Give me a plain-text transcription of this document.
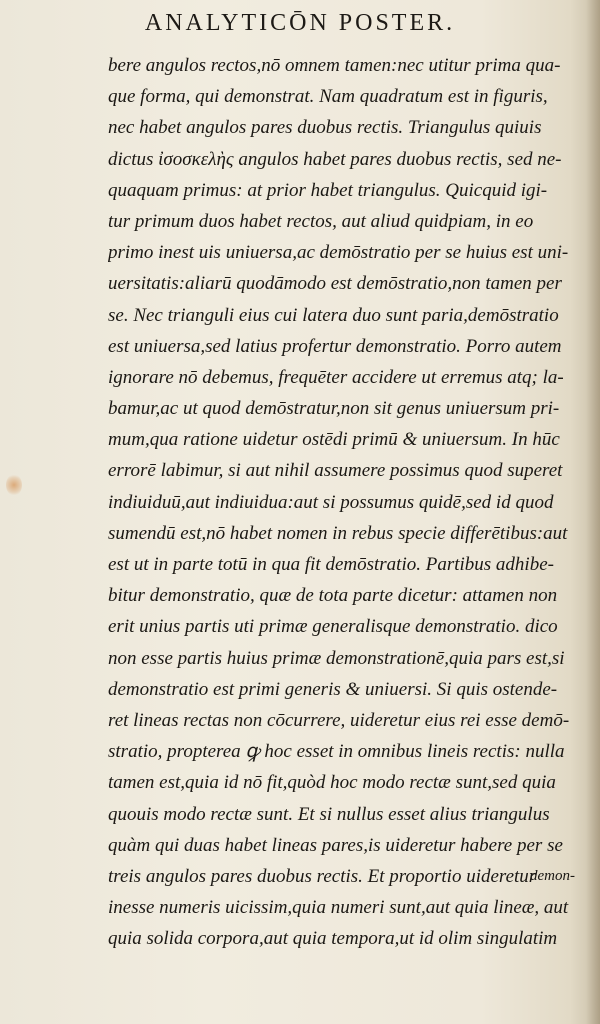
ANALYTICŌN POSTER.
bere angulos rectos,nō omnem tamen:nec utitur prima qua-
que forma, qui demonstrat. Nam quadratum est in figuris,
nec habet angulos pares duobus rectis. Triangulus quiuis
dictus ἰσοσκελὴς angulos habet pares duobus rectis, sed ne-
quaquam primus: at prior habet triangulus. Quicquid igi-
tur primum duos habet rectos, aut aliud quidpiam, in eo
primo inest uis uniuersa,ac demōstratio per se huius est uni-
uersitatis:aliarū quodāmodo est demōstratio,non tamen per
se. Nec trianguli eius cui latera duo sunt paria,demōstratio
est uniuersa,sed latius profertur demonstratio. Porro autem
ignorare nō debemus, frequēter accidere ut erremus atq; la-
bamur,ac ut quod demōstratur,non sit genus uniuersum pri-
mum,qua ratione uidetur ostēdi primū & uniuersum. In hūc
errorē labimur, si aut nihil assumere possimus quod superet
indiuiduū,aut indiuidua:aut si possumus quidē,sed id quod
sumendū est,nō habet nomen in rebus specie differētibus:aut
est ut in parte totū in qua fit demōstratio. Partibus adhibe-
bitur demonstratio, quæ de tota parte dicetur: attamen non
erit unius partis uti primæ generalisque demonstratio. dico
non esse partis huius primæ demonstrationē,quia pars est,si
demonstratio est primi generis & uniuersi. Si quis ostende-
ret lineas rectas non cōcurrere, uideretur eius rei esse demō-
stratio, propterea ꝙ hoc esset in omnibus lineis rectis: nulla
tamen est,quia id nō fit,quòd hoc modo rectæ sunt,sed quia
quouis modo rectæ sunt. Et si nullus esset alius triangulus
quàm qui duas habet lineas pares,is uideretur habere per se
treis angulos pares duobus rectis. Et proportio uideretur
inesse numeris uicissim,quia numeri sunt,aut quia lineæ, aut
quia solida corpora,aut quia tempora,ut id olim singulatim
demon-
